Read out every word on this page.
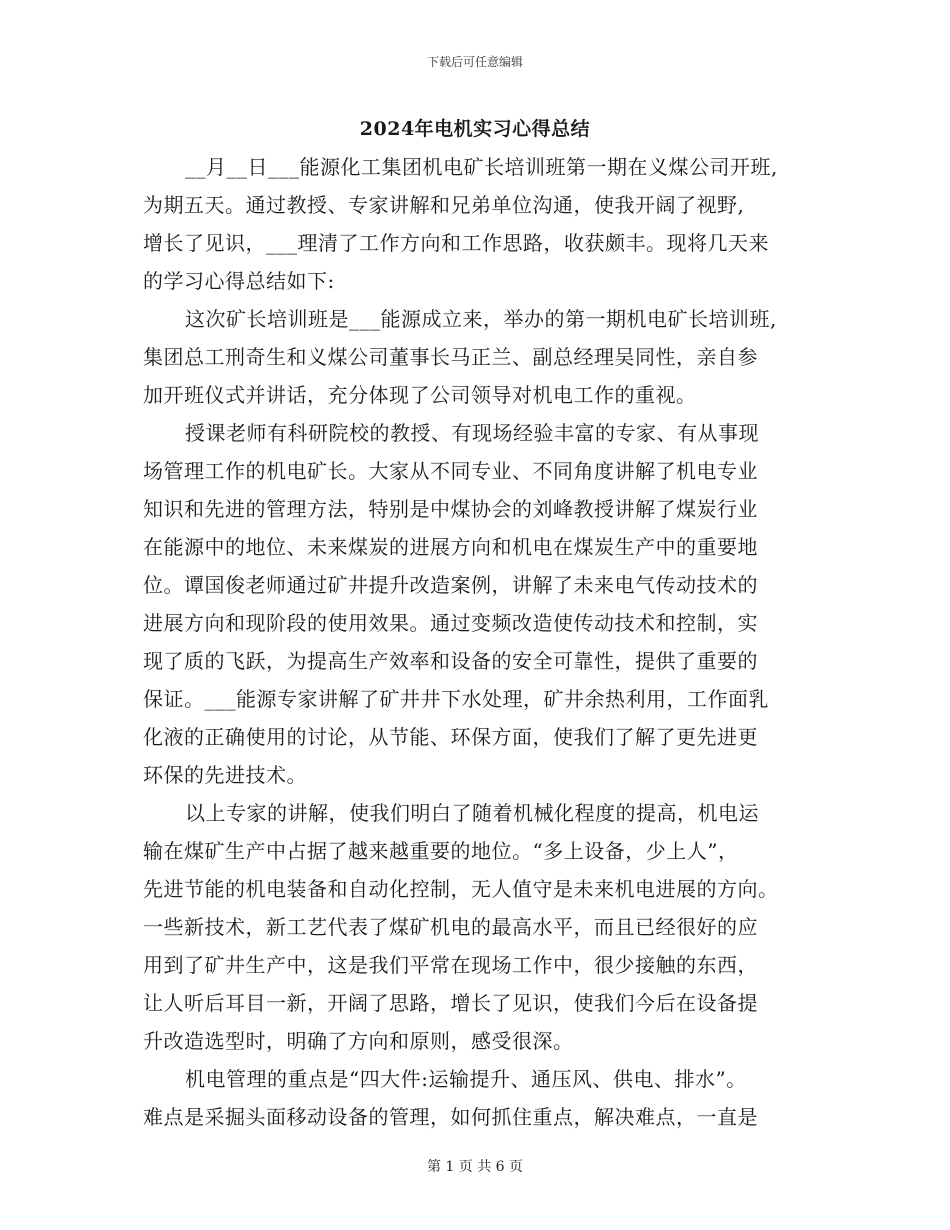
下载后可任意编辑
2024年电机实习心得总结
__月__日___能源化工集团机电矿长培训班第一期在义煤公司开班,
为期五天。通过教授、专家讲解和兄弟单位沟通，使我开阔了视野,
增长了见识，___理清了工作方向和工作思路，收获颇丰。现将几天来
的学习心得总结如下:
这次矿长培训班是___能源成立来，举办的第一期机电矿长培训班,
集团总工刑奇生和义煤公司董事长马正兰、副总经理吴同性，亲自参
加开班仪式并讲话，充分体现了公司领导对机电工作的重视。
授课老师有科研院校的教授、有现场经验丰富的专家、有从事现
场管理工作的机电矿长。大家从不同专业、不同角度讲解了机电专业
知识和先进的管理方法，特别是中煤协会的刘峰教授讲解了煤炭行业
在能源中的地位、未来煤炭的进展方向和机电在煤炭生产中的重要地
位。谭国俊老师通过矿井提升改造案例，讲解了未来电气传动技术的
进展方向和现阶段的使用效果。通过变频改造使传动技术和控制，实
现了质的飞跃，为提高生产效率和设备的安全可靠性，提供了重要的
保证。___能源专家讲解了矿井井下水处理，矿井余热利用，工作面乳
化液的正确使用的讨论，从节能、环保方面，使我们了解了更先进更
环保的先进技术。
以上专家的讲解，使我们明白了随着机械化程度的提高，机电运
输在煤矿生产中占据了越来越重要的地位。“多上设备，少上人”，
先进节能的机电装备和自动化控制，无人值守是未来机电进展的方向。
一些新技术，新工艺代表了煤矿机电的最高水平，而且已经很好的应
用到了矿井生产中，这是我们平常在现场工作中，很少接触的东西，
让人听后耳目一新，开阔了思路，增长了见识，使我们今后在设备提
升改造选型时，明确了方向和原则，感受很深。
机电管理的重点是“四大件:运输提升、通压风、供电、排水”。
难点是采掘头面移动设备的管理，如何抓住重点，解决难点，一直是
第 1 页 共 6 页
